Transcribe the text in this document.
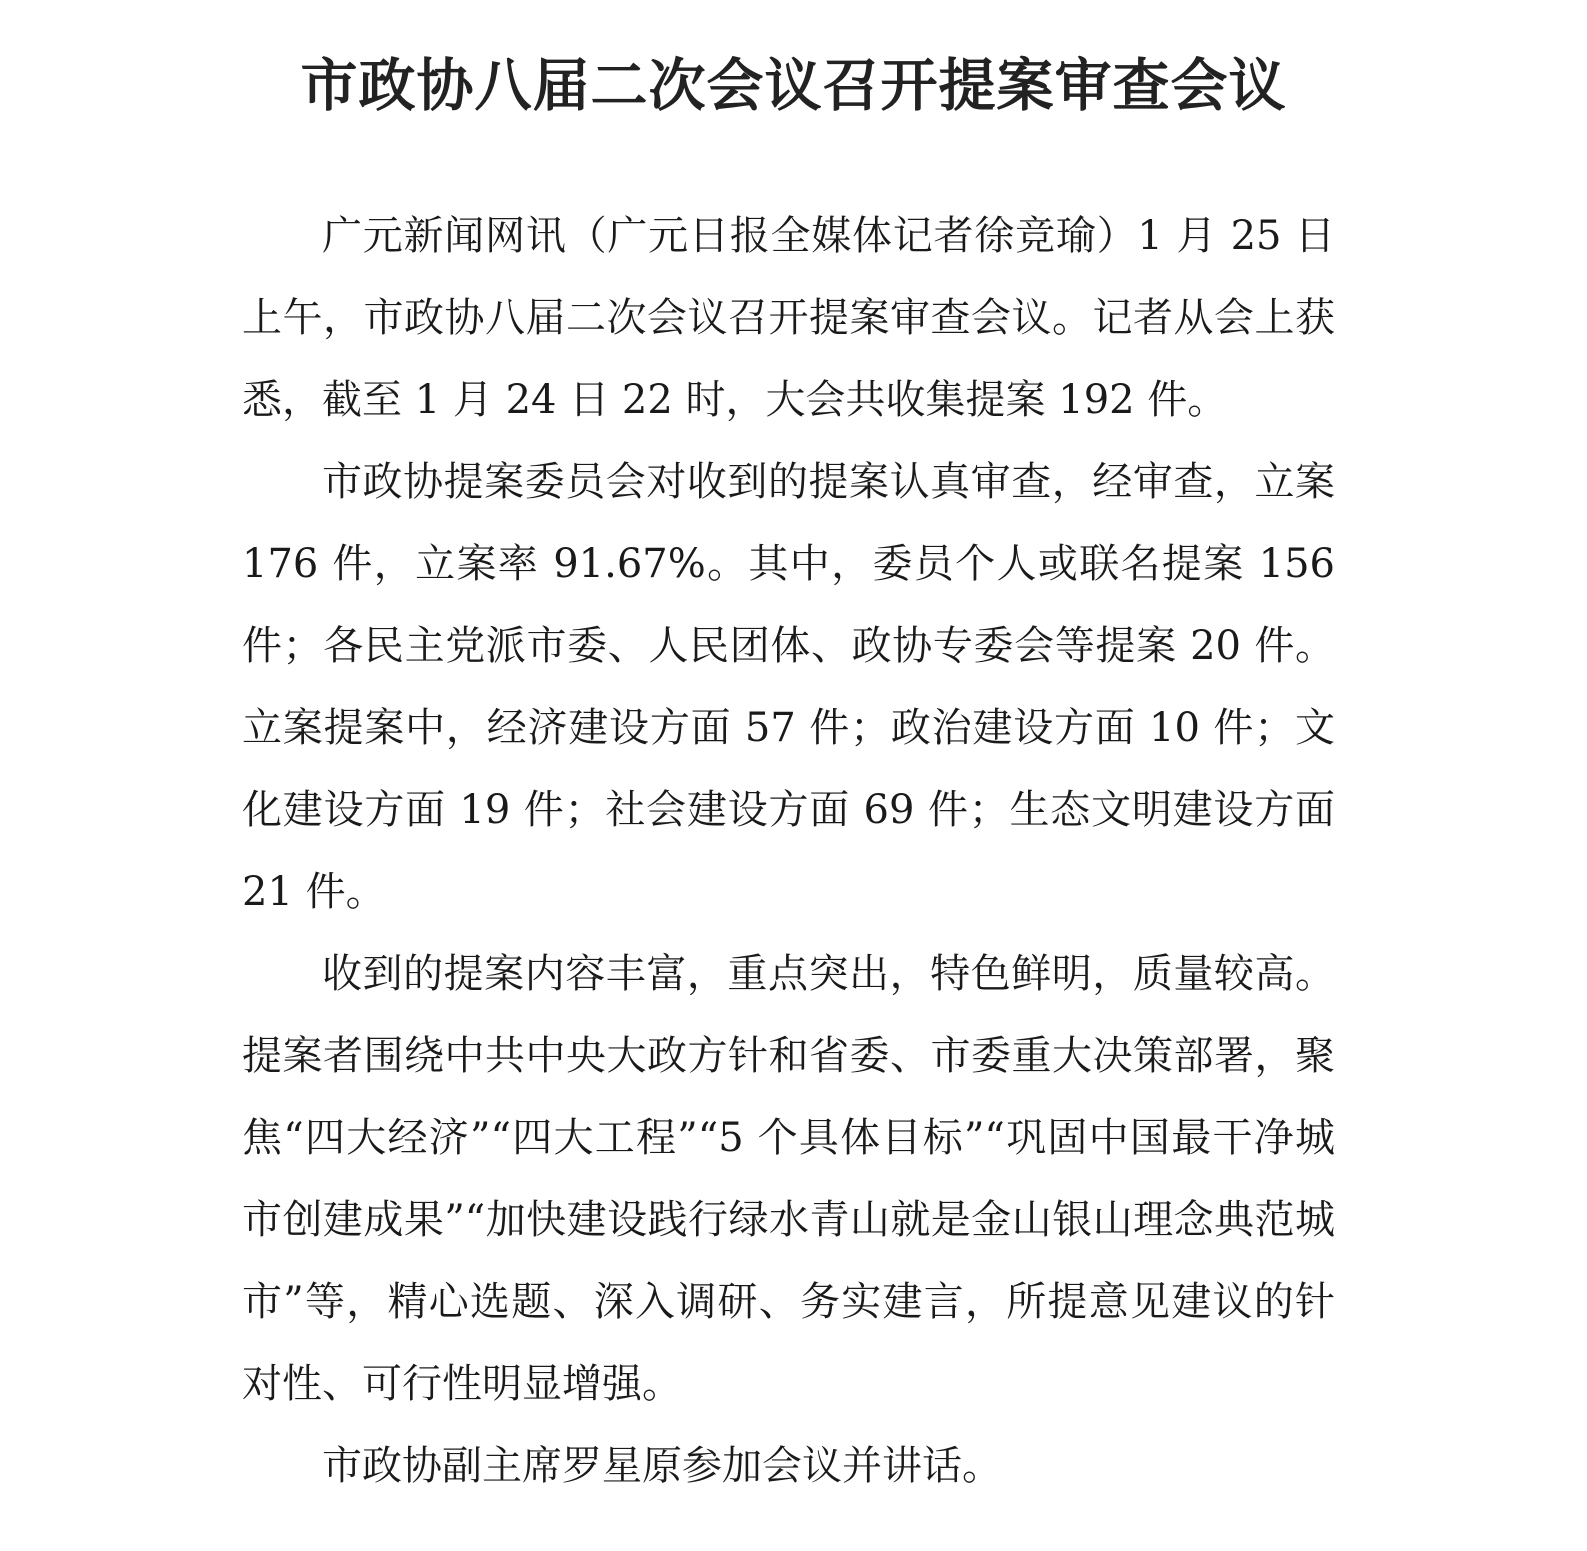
市政协八届二次会议召开提案审查会议

广元新闻网讯（广元日报全媒体记者徐竞瑜）1 月 25 日上午，市政协八届二次会议召开提案审查会议。记者从会上获悉，截至 1 月 24 日 22 时，大会共收集提案 192 件。

市政协提案委员会对收到的提案认真审查，经审查，立案 176 件，立案率 91.67%。其中，委员个人或联名提案 156 件；各民主党派市委、人民团体、政协专委会等提案 20 件。立案提案中，经济建设方面 57 件；政治建设方面 10 件；文化建设方面 19 件；社会建设方面 69 件；生态文明建设方面 21 件。

收到的提案内容丰富，重点突出，特色鲜明，质量较高。提案者围绕中共中央大政方针和省委、市委重大决策部署，聚焦“四大经济”“四大工程”“5 个具体目标”“巩固中国最干净城市创建成果”“加快建设践行绿水青山就是金山银山理念典范城市”等，精心选题、深入调研、务实建言，所提意见建议的针对性、可行性明显增强。

市政协副主席罗星原参加会议并讲话。
